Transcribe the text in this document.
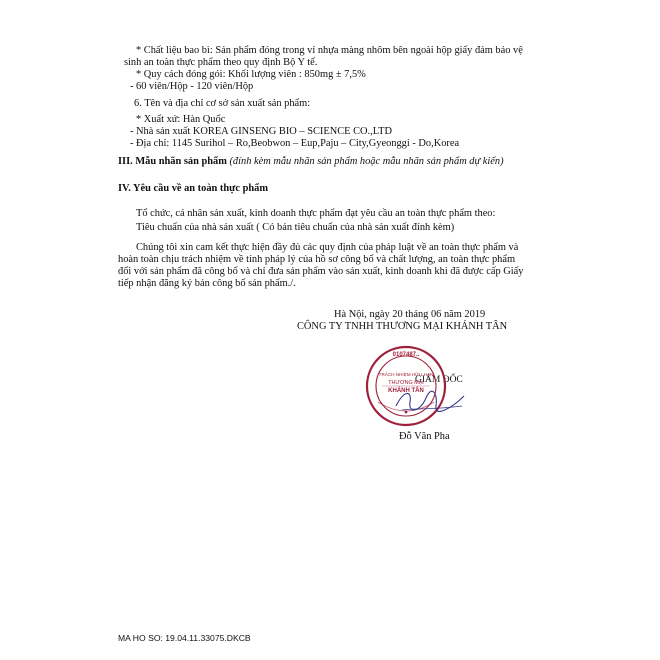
* Chất liệu bao bì: Sản phẩm đóng trong vỉ nhựa màng nhôm bên ngoài hộp giấy đảm bảo vệ
sinh an toàn thực phẩm theo quy định Bộ Y tế.
* Quy cách đóng gói: Khối lượng viên : 850mg ± 7,5%
- 60 viên/Hộp - 120 viên/Hộp
6. Tên và địa chỉ cơ sở sản xuất sản phẩm:
* Xuất xứ: Hàn Quốc
- Nhà sản xuất KOREA GINSENG BIO – SCIENCE CO.,LTD
- Địa chỉ: 1145 Surihol – Ro,Beobwon – Eup,Paju – City,Gyeonggi - Do,Korea
III. Mẫu nhãn sản phẩm (đính kèm mẫu nhãn sản phẩm hoặc mẫu nhãn sản phẩm dự kiến)
IV. Yêu cầu về an toàn thực phẩm
Tổ chức, cá nhân sản xuất, kinh doanh thực phẩm đạt yêu cầu an toàn thực phẩm theo:
Tiêu chuẩn của nhà sản xuất ( Có bản tiêu chuẩn của nhà sản xuất đính kèm)
Chúng tôi xin cam kết thực hiện đầy đủ các quy định của pháp luật về an toàn thực phẩm và
hoàn toàn chịu trách nhiệm về tính pháp lý của hồ sơ công bố và chất lượng, an toàn thực phẩm
đối với sản phẩm đã công bố và chỉ đưa sản phẩm vào sản xuất, kinh doanh khi đã được cấp Giấy
tiếp nhận đăng ký bản công bố sản phẩm./.
Hà Nội, ngày 20 tháng 06 năm 2019
CÔNG TY TNHH THƯƠNG MẠI KHÁNH TÂN
GIÁM ĐỐC
0107487..
TRÁCH NHIỆM HỮU HẠN
THƯƠNG MẠI
KHÁNH TÂN
Đỗ Văn Pha
MA HO SO: 19.04.11.33075.DKCB
